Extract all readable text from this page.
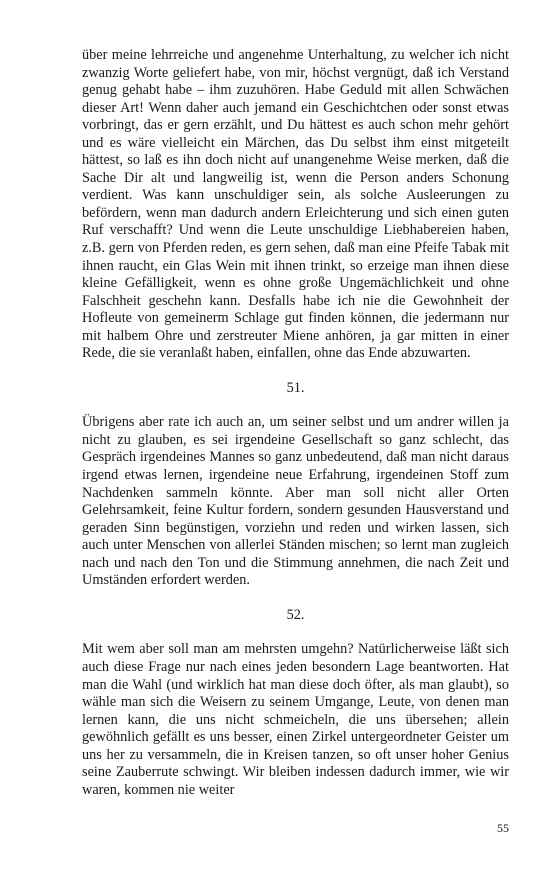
über meine lehrreiche und angenehme Unterhaltung, zu welcher ich nicht zwanzig Worte geliefert habe, von mir, höchst vergnügt, daß ich Verstand genug gehabt habe – ihm zuzuhören. Habe Geduld mit allen Schwächen dieser Art! Wenn daher auch jemand ein Geschichtchen oder sonst etwas vorbringt, das er gern erzählt, und Du hättest es auch schon mehr gehört und es wäre vielleicht ein Märchen, das Du selbst ihm einst mitgeteilt hättest, so laß es ihn doch nicht auf unangenehme Weise merken, daß die Sache Dir alt und langweilig ist, wenn die Person anders Schonung verdient. Was kann unschuldiger sein, als solche Ausleerungen zu befördern, wenn man dadurch andern Erleichterung und sich einen guten Ruf verschafft? Und wenn die Leute unschuldige Liebhabereien haben, z.B. gern von Pferden reden, es gern sehen, daß man eine Pfeife Tabak mit ihnen raucht, ein Glas Wein mit ihnen trinkt, so erzeige man ihnen diese kleine Gefälligkeit, wenn es ohne große Ungemächlichkeit und ohne Falschheit geschehn kann. Desfalls habe ich nie die Gewohnheit der Hofleute von gemeinerm Schlage gut finden können, die jedermann nur mit halbem Ohre und zerstreuter Miene anhören, ja gar mitten in einer Rede, die sie veranlaßt haben, einfallen, ohne das Ende abzuwarten.

51.

Übrigens aber rate ich auch an, um seiner selbst und um andrer willen ja nicht zu glauben, es sei irgendeine Gesellschaft so ganz schlecht, das Gespräch irgendeines Mannes so ganz unbedeutend, daß man nicht daraus irgend etwas lernen, irgendeine neue Erfahrung, irgendeinen Stoff zum Nachdenken sammeln könnte. Aber man soll nicht aller Orten Gelehrsamkeit, feine Kultur fordern, sondern gesunden Hausverstand und geraden Sinn begünstigen, vorziehn und reden und wirken lassen, sich auch unter Menschen von allerlei Ständen mischen; so lernt man zugleich nach und nach den Ton und die Stimmung annehmen, die nach Zeit und Umständen erfordert werden.

52.

Mit wem aber soll man am mehrsten umgehn? Natürlicherweise läßt sich auch diese Frage nur nach eines jeden besondern Lage beantworten. Hat man die Wahl (und wirklich hat man diese doch öfter, als man glaubt), so wähle man sich die Weisern zu seinem Umgange, Leute, von denen man lernen kann, die uns nicht schmeicheln, die uns übersehen; allein gewöhnlich gefällt es uns besser, einen Zirkel untergeordneter Geister um uns her zu versammeln, die in Kreisen tanzen, so oft unser hoher Genius seine Zauberrute schwingt. Wir bleiben indessen dadurch immer, wie wir waren, kommen nie weiter

55
